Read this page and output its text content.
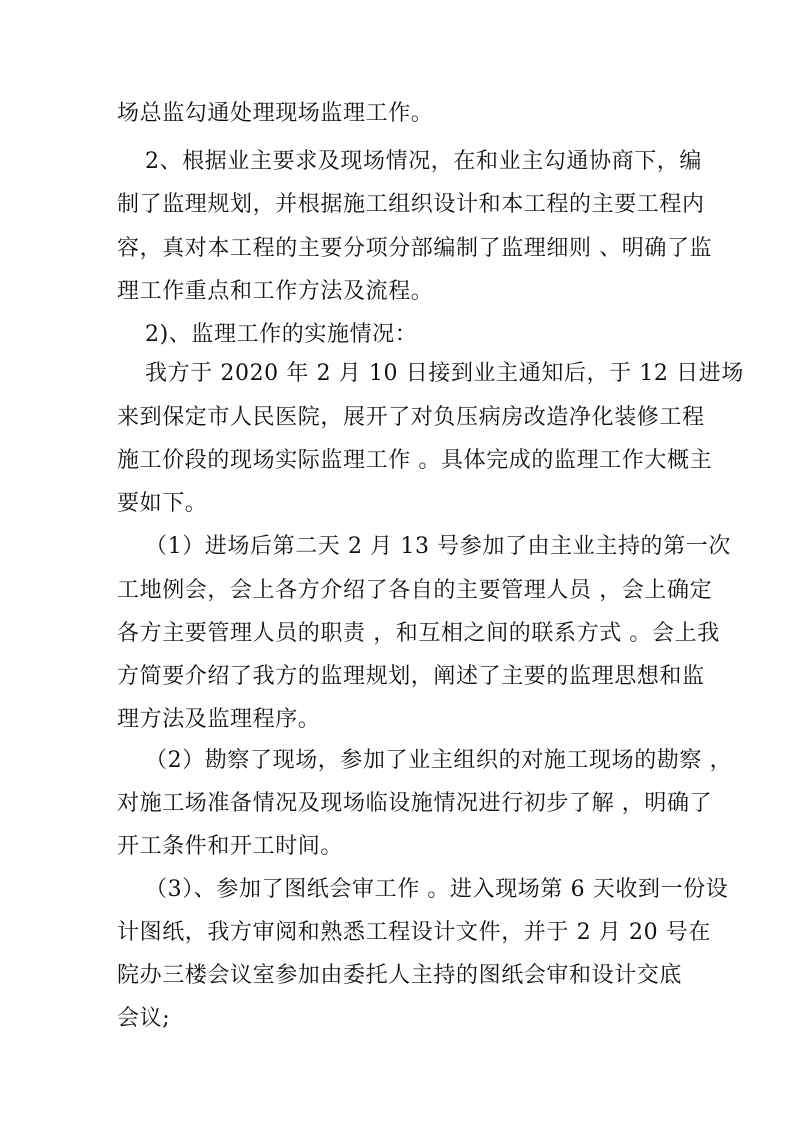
场总监勾通处理现场监理工作。
2、根据业主要求及现场情况，在和业主勾通协商下，编
制了监理规划，并根据施工组织设计和本工程的主要工程内
容，真对本工程的主要分项分部编制了监理细则 、明确了监
理工作重点和工作方法及流程。
2)、监理工作的实施情况：
我方于 2020 年 2 月 10 日接到业主通知后，于 12 日进场
来到保定市人民医院，展开了对负压病房改造净化装修工程
施工价段的现场实际监理工作 。具体完成的监理工作大概主
要如下。
（1）进场后第二天 2 月 13 号参加了由主业主持的第一次
工地例会，会上各方介绍了各自的主要管理人员 ，会上确定
各方主要管理人员的职责 ，和互相之间的联系方式 。会上我
方简要介绍了我方的监理规划，阐述了主要的监理思想和监
理方法及监理程序。
（2）勘察了现场，参加了业主组织的对施工现场的勘察 ，
对施工场准备情况及现场临设施情况进行初步了解 ，明确了
开工条件和开工时间。
（3）、参加了图纸会审工作 。进入现场第 6 天收到一份设
计图纸，我方审阅和熟悉工程设计文件，并于 2 月 20 号在
院办三楼会议室参加由委托人主持的图纸会审和设计交底
会议;
